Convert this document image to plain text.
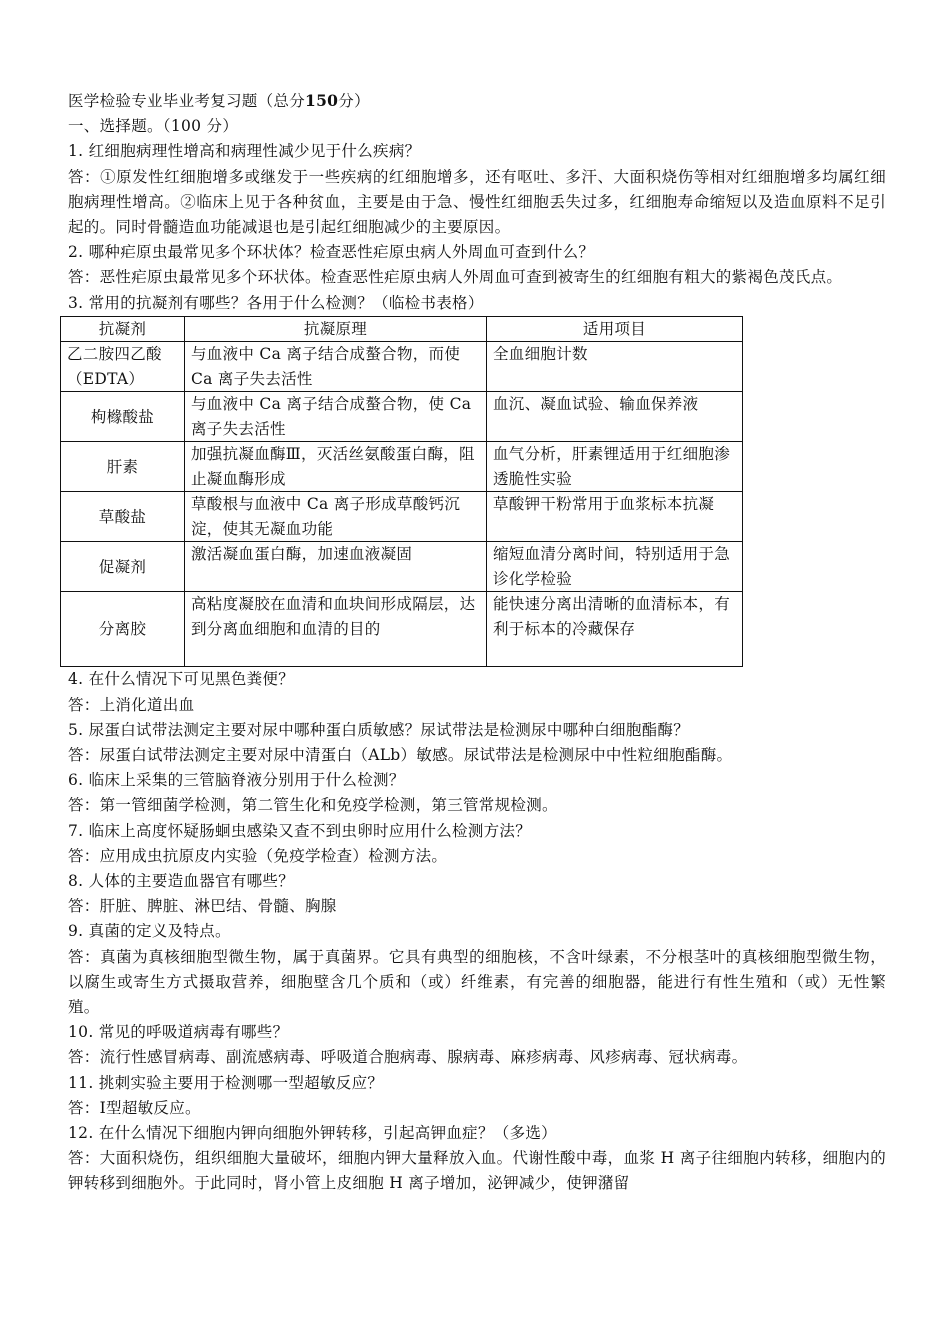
医学检验专业毕业考复习题（总分150分）

一、选择题。（100 分）

1. 红细胞病理性增高和病理性减少见于什么疾病？

答：①原发性红细胞增多或继发于一些疾病的红细胞增多，还有呕吐、多汗、大面积烧伤等相对红细胞增多均属红细胞病理性增高。②临床上见于各种贫血，主要是由于急、慢性红细胞丢失过多，红细胞寿命缩短以及造血原料不足引起的。同时骨髓造血功能减退也是引起红细胞减少的主要原因。

2. 哪种疟原虫最常见多个环状体？检查恶性疟原虫病人外周血可查到什么？

答：恶性疟原虫最常见多个环状体。检查恶性疟原虫病人外周血可查到被寄生的红细胞有粗大的紫褐色茂氏点。

3. 常用的抗凝剂有哪些？各用于什么检测？（临检书表格）

抗凝剂	抗凝原理	适用项目
乙二胺四乙酸（EDTA）	与血液中 Ca 离子结合成螯合物，而使 Ca 离子失去活性	全血细胞计数
枸橼酸盐	与血液中 Ca 离子结合成螯合物，使 Ca 离子失去活性	血沉、凝血试验、输血保养液
肝素	加强抗凝血酶Ⅲ，灭活丝氨酸蛋白酶，阻止凝血酶形成	血气分析，肝素锂适用于红细胞渗透脆性实验
草酸盐	草酸根与血液中 Ca 离子形成草酸钙沉淀，使其无凝血功能	草酸钾干粉常用于血浆标本抗凝
促凝剂	激活凝血蛋白酶，加速血液凝固	缩短血清分离时间，特别适用于急诊化学检验
分离胶	高粘度凝胶在血清和血块间形成隔层，达到分离血细胞和血清的目的	能快速分离出清晰的血清标本，有利于标本的冷藏保存

4. 在什么情况下可见黑色粪便？

答：上消化道出血

5. 尿蛋白试带法测定主要对尿中哪种蛋白质敏感？尿试带法是检测尿中哪种白细胞酯酶？

答：尿蛋白试带法测定主要对尿中清蛋白（ALb）敏感。尿试带法是检测尿中中性粒细胞酯酶。

6. 临床上采集的三管脑脊液分别用于什么检测？

答：第一管细菌学检测，第二管生化和免疫学检测，第三管常规检测。

7. 临床上高度怀疑肠蛔虫感染又查不到虫卵时应用什么检测方法？

答：应用成虫抗原皮内实验（免疫学检查）检测方法。

8. 人体的主要造血器官有哪些？

答：肝脏、脾脏、淋巴结、骨髓、胸腺

9. 真菌的定义及特点。

答：真菌为真核细胞型微生物，属于真菌界。它具有典型的细胞核，不含叶绿素，不分根茎叶的真核细胞型微生物，以腐生或寄生方式摄取营养，细胞壁含几个质和（或）纤维素，有完善的细胞器，能进行有性生殖和（或）无性繁殖。

10. 常见的呼吸道病毒有哪些？

答：流行性感冒病毒、副流感病毒、呼吸道合胞病毒、腺病毒、麻疹病毒、风疹病毒、冠状病毒。

11. 挑刺实验主要用于检测哪一型超敏反应？

答：Ⅰ型超敏反应。

12. 在什么情况下细胞内钾向细胞外钾转移，引起高钾血症？（多选）

答：大面积烧伤，组织细胞大量破坏，细胞内钾大量释放入血。代谢性酸中毒，血浆 H 离子往细胞内转移，细胞内的钾转移到细胞外。于此同时，肾小管上皮细胞 H 离子增加，泌钾减少，使钾潴留
